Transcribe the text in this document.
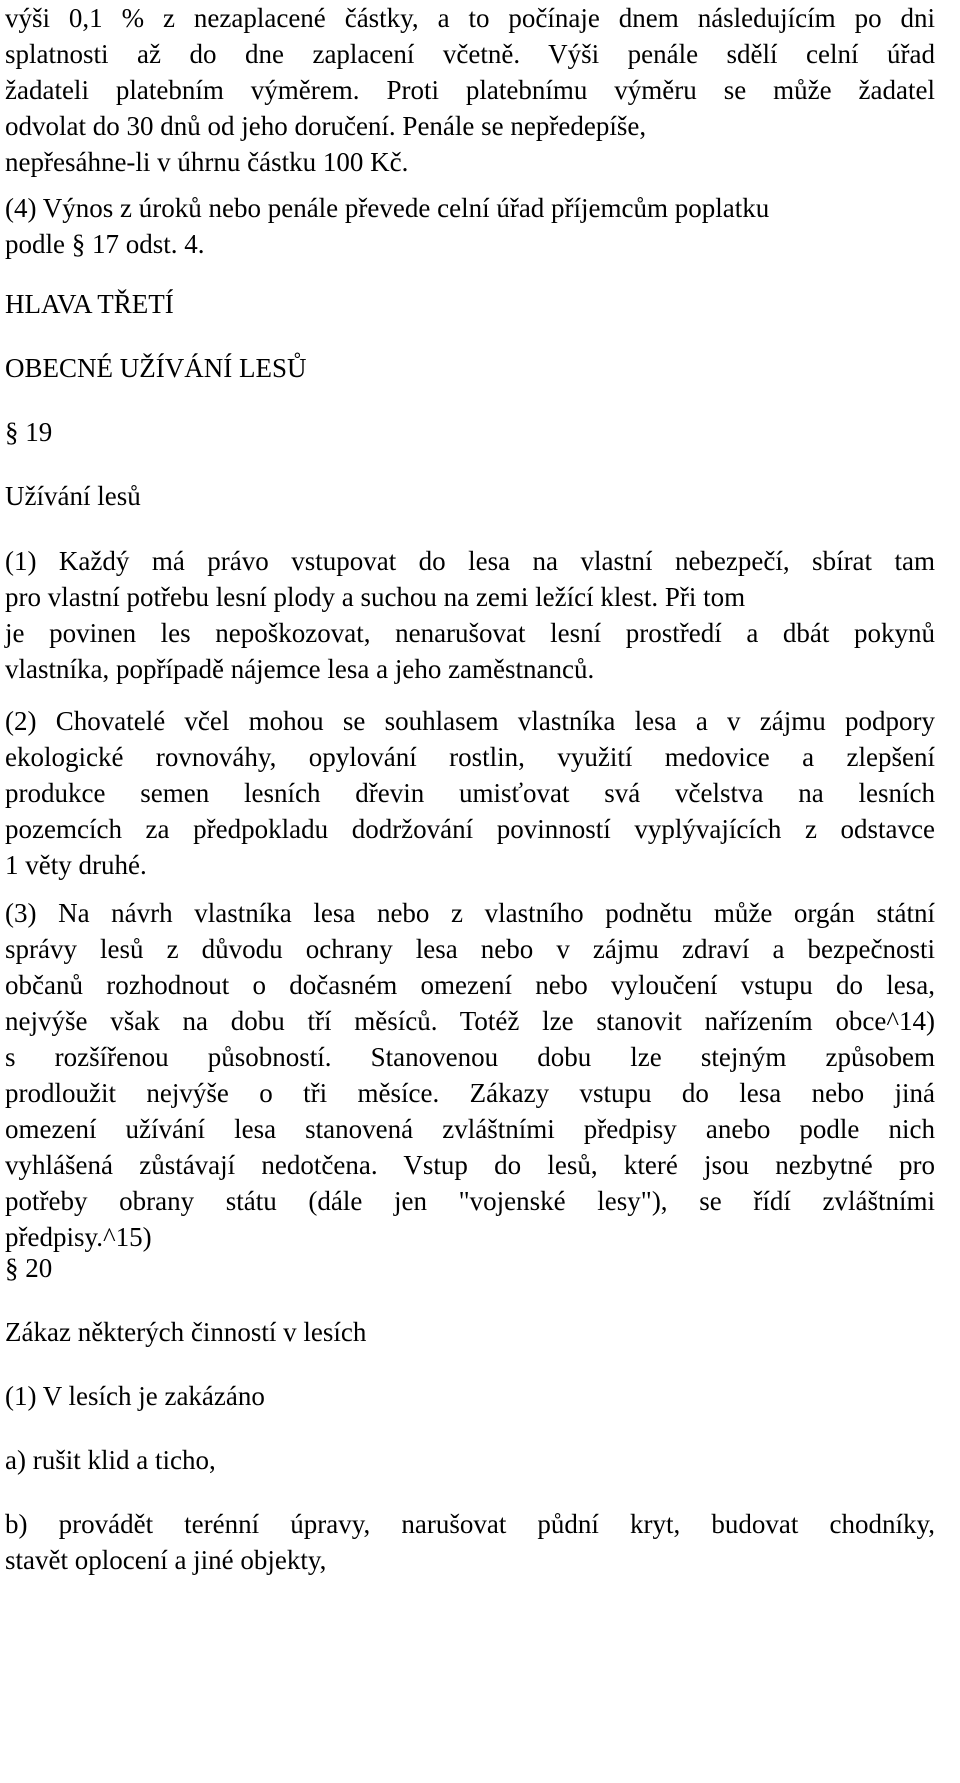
výši 0,1 % z nezaplacené částky, a to počínaje dnem následujícím po dni
splatnosti až do dne zaplacení včetně. Výši penále sdělí celní úřad
žadateli platebním výměrem. Proti platebnímu výměru se může žadatel
odvolat do 30 dnů od jeho doručení. Penále se nepředepíše,
nepřesáhne-li v úhrnu částku 100 Kč.
(4) Výnos z úroků nebo penále převede celní úřad příjemcům poplatku
podle § 17 odst. 4.
HLAVA TŘETÍ
OBECNÉ UŽÍVÁNÍ LESŮ
§ 19
Užívání lesů
(1) Každý má právo vstupovat do lesa na vlastní nebezpečí, sbírat tam
pro vlastní potřebu lesní plody a suchou na zemi ležící klest. Při tom
je povinen les nepoškozovat, nenarušovat lesní prostředí a dbát pokynů
vlastníka, popřípadě nájemce lesa a jeho zaměstnanců.
(2) Chovatelé včel mohou se souhlasem vlastníka lesa a v zájmu podpory
ekologické rovnováhy, opylování rostlin, využití medovice a zlepšení
produkce semen lesních dřevin umisťovat svá včelstva na lesních
pozemcích za předpokladu dodržování povinností vyplývajících z odstavce
1 věty druhé.
(3) Na návrh vlastníka lesa nebo z vlastního podnětu může orgán státní
správy lesů z důvodu ochrany lesa nebo v zájmu zdraví a bezpečnosti
občanů rozhodnout o dočasném omezení nebo vyloučení vstupu do lesa,
nejvýše však na dobu tří měsíců. Totéž lze stanovit nařízením obce^14)
s rozšířenou působností. Stanovenou dobu lze stejným způsobem
prodloužit nejvýše o tři měsíce. Zákazy vstupu do lesa nebo jiná
omezení užívání lesa stanovená zvláštními předpisy anebo podle nich
vyhlášená zůstávají nedotčena. Vstup do lesů, které jsou nezbytné pro
potřeby obrany státu (dále jen "vojenské lesy"), se řídí zvláštními
předpisy.^15)
§ 20
Zákaz některých činností v lesích
(1) V lesích je zakázáno
a) rušit klid a ticho,
b) provádět terénní úpravy, narušovat půdní kryt, budovat chodníky,
stavět oplocení a jiné objekty,
